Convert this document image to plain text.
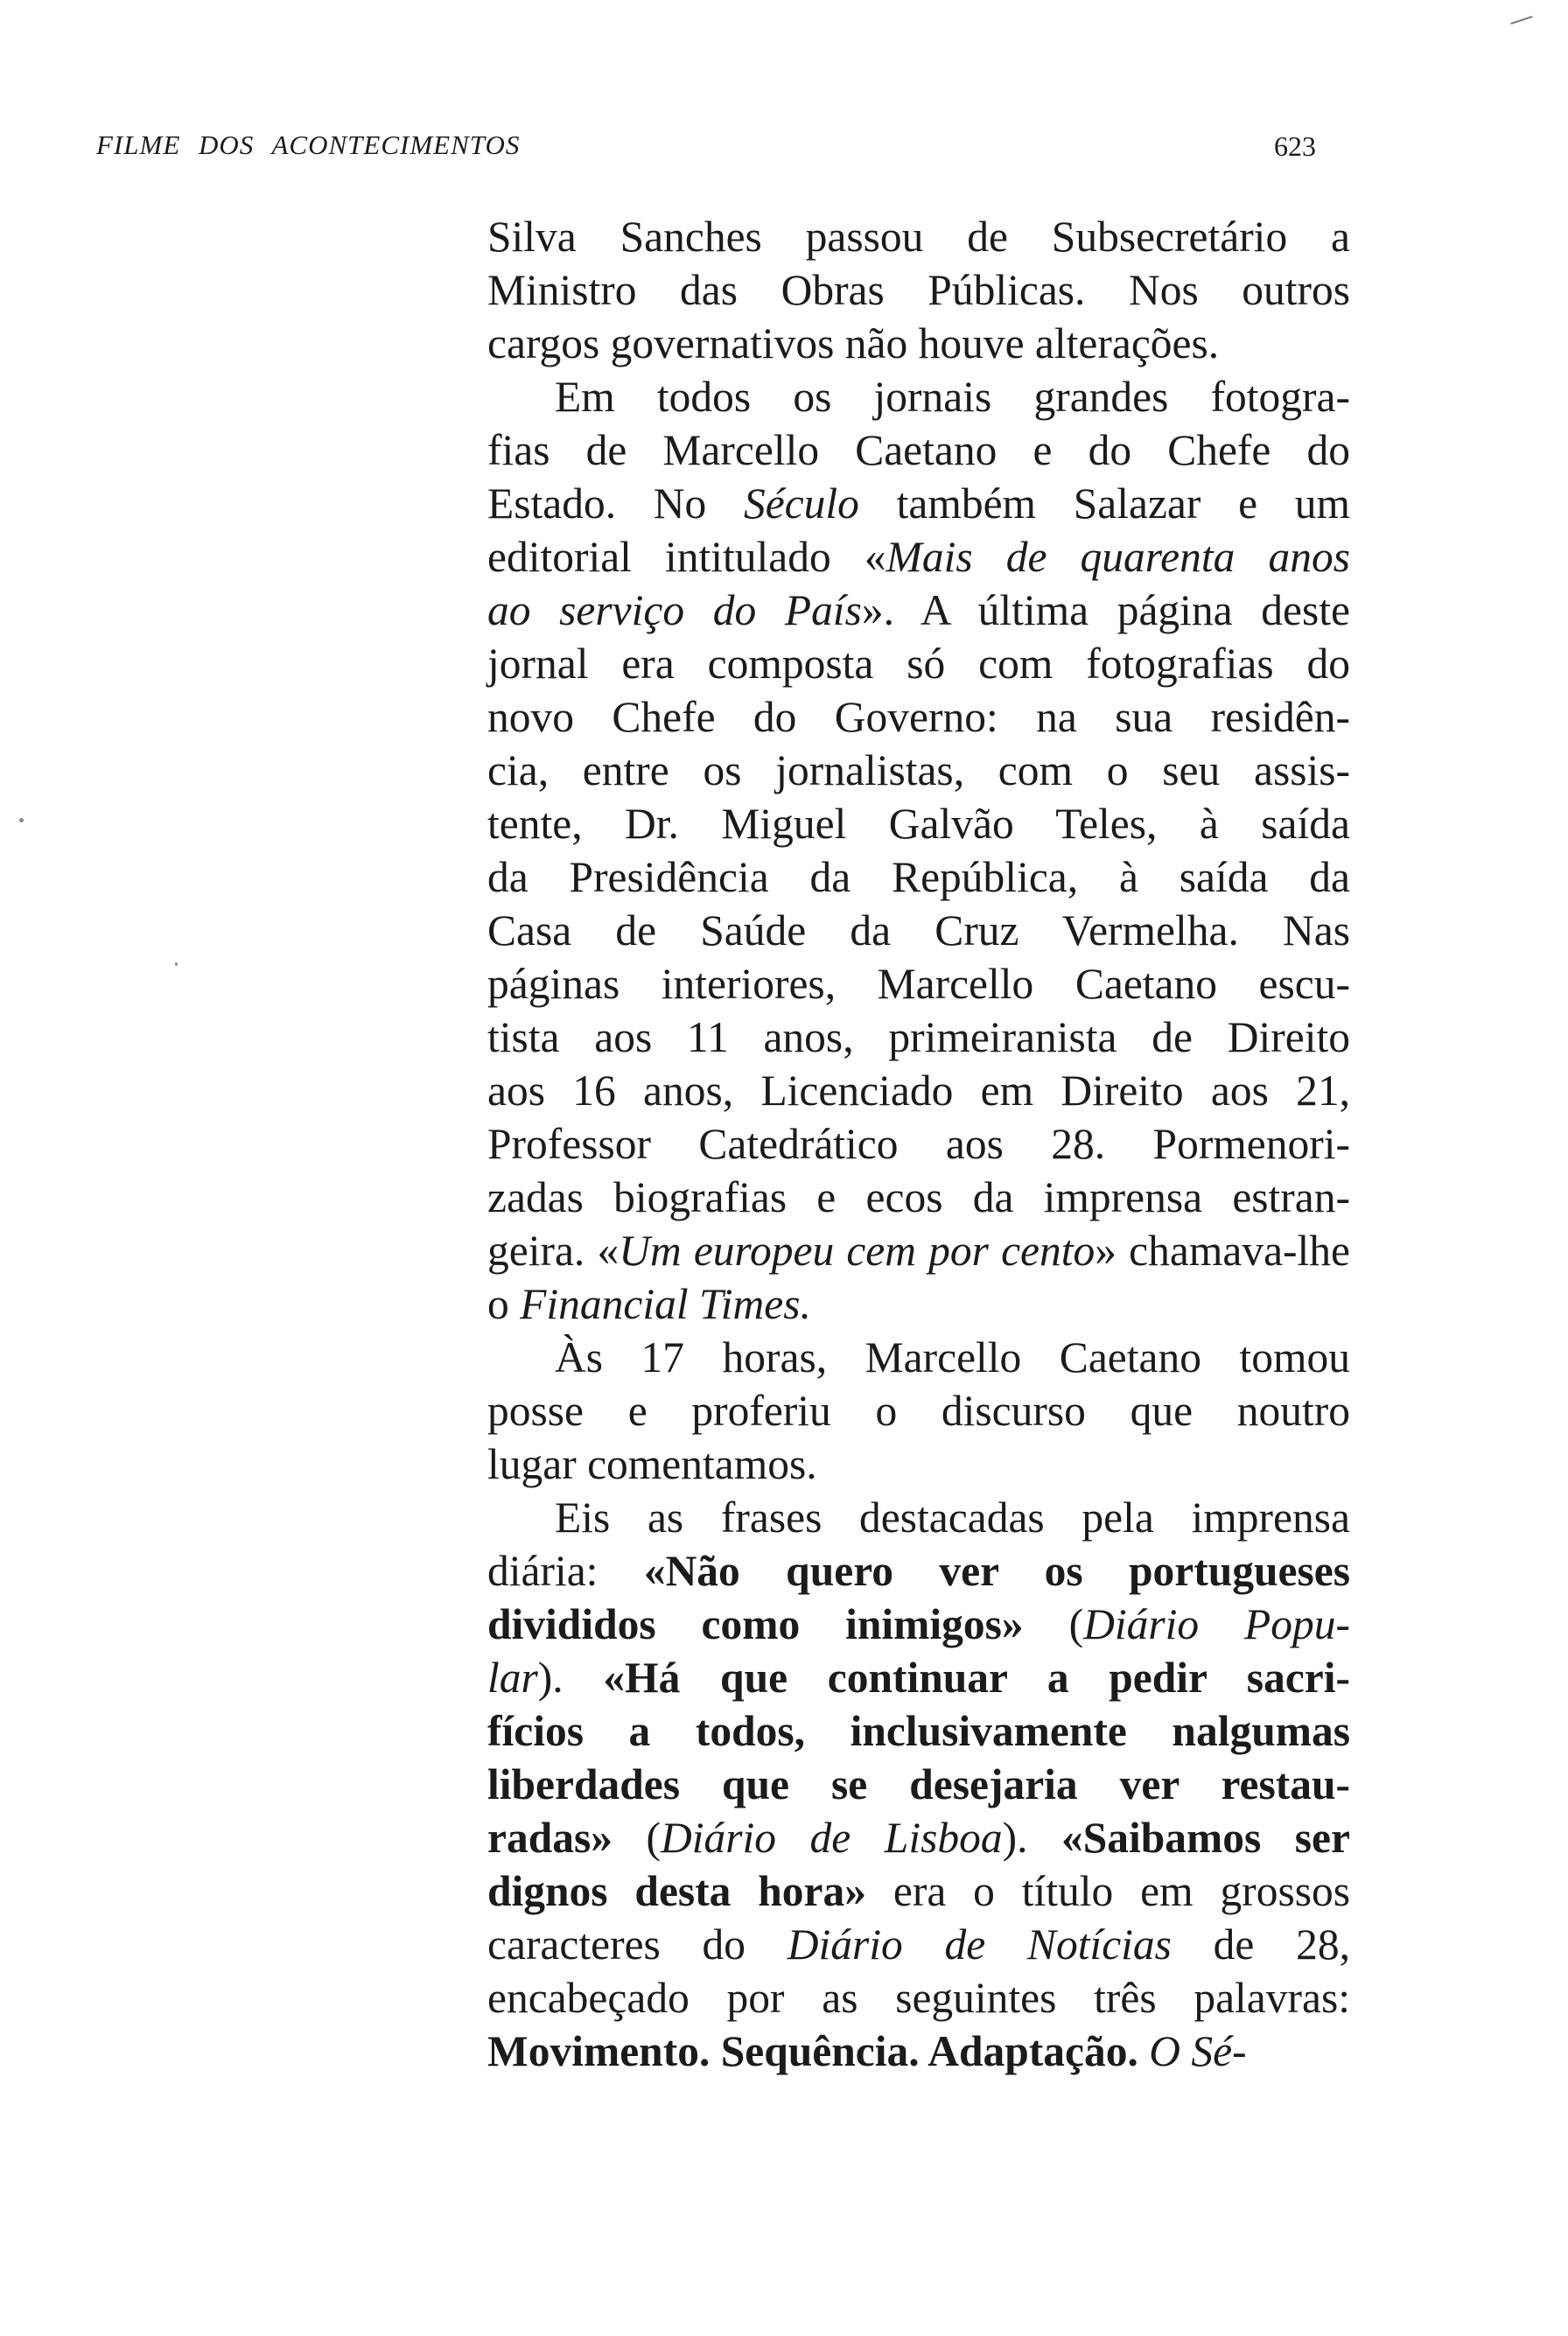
FILME DOS ACONTECIMENTOS	623
Silva Sanches passou de Subsecretário a
Ministro das Obras Públicas. Nos outros
cargos governativos não houve alterações.
Em todos os jornais grandes fotogra-
fias de Marcello Caetano e do Chefe do
Estado. No Século também Salazar e um
editorial intitulado «Mais de quarenta anos
ao serviço do País». A última página deste
jornal era composta só com fotografias do
novo Chefe do Governo: na sua residên-
cia, entre os jornalistas, com o seu assis-
tente, Dr. Miguel Galvão Teles, à saída
da Presidência da República, à saída da
Casa de Saúde da Cruz Vermelha. Nas
páginas interiores, Marcello Caetano escu-
tista aos 11 anos, primeiranista de Direito
aos 16 anos, Licenciado em Direito aos 21,
Professor Catedrático aos 28. Pormenori-
zadas biografias e ecos da imprensa estran-
geira. «Um europeu cem por cento» chamava-lhe
o Financial Times.
Às 17 horas, Marcello Caetano tomou
posse e proferiu o discurso que noutro
lugar comentamos.
Eis as frases destacadas pela imprensa
diária: «Não quero ver os portugueses
divididos como inimigos» (Diário Popu-
lar). «Há que continuar a pedir sacri-
fícios a todos, inclusivamente nalgumas
liberdades que se desejaria ver restau-
radas» (Diário de Lisboa). «Saibamos ser
dignos desta hora» era o título em grossos
caracteres do Diário de Notícias de 28,
encabeçado por as seguintes três palavras:
Movimento. Sequência. Adaptação. O Sé-
